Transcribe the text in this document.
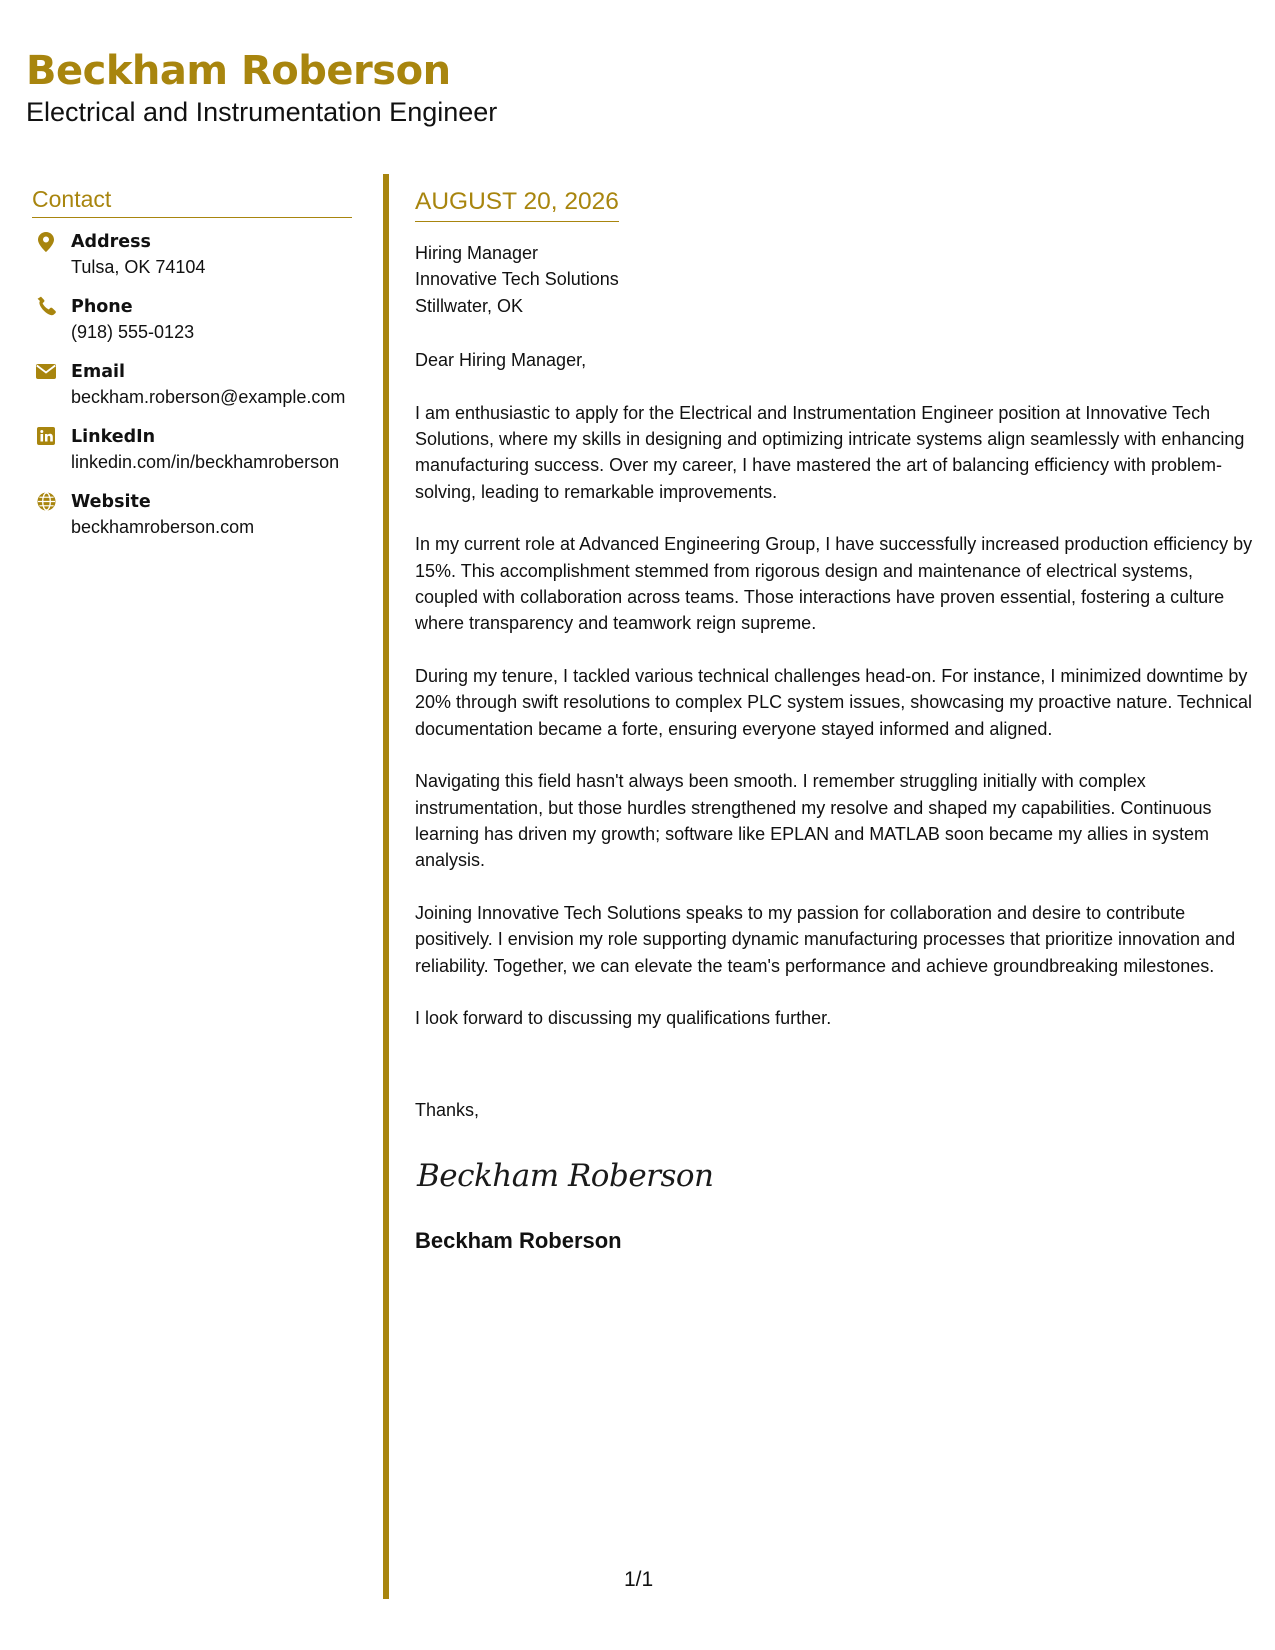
Beckham Roberson
Electrical and Instrumentation Engineer
Contact
Address
Tulsa, OK 74104
Phone
(918) 555-0123
Email
beckham.roberson@example.com
LinkedIn
linkedin.com/in/beckhamroberson
Website
beckhamroberson.com
AUGUST 20, 2026
Hiring Manager
Innovative Tech Solutions
Stillwater, OK

Dear Hiring Manager,

I am enthusiastic to apply for the Electrical and Instrumentation Engineer position at Innovative Tech Solutions, where my skills in designing and optimizing intricate systems align seamlessly with enhancing manufacturing success. Over my career, I have mastered the art of balancing efficiency with problem-solving, leading to remarkable improvements.

In my current role at Advanced Engineering Group, I have successfully increased production efficiency by 15%. This accomplishment stemmed from rigorous design and maintenance of electrical systems, coupled with collaboration across teams. Those interactions have proven essential, fostering a culture where transparency and teamwork reign supreme.

During my tenure, I tackled various technical challenges head-on. For instance, I minimized downtime by 20% through swift resolutions to complex PLC system issues, showcasing my proactive nature. Technical documentation became a forte, ensuring everyone stayed informed and aligned.

Navigating this field hasn't always been smooth. I remember struggling initially with complex instrumentation, but those hurdles strengthened my resolve and shaped my capabilities. Continuous learning has driven my growth; software like EPLAN and MATLAB soon became my allies in system analysis.

Joining Innovative Tech Solutions speaks to my passion for collaboration and desire to contribute positively. I envision my role supporting dynamic manufacturing processes that prioritize innovation and reliability. Together, we can elevate the team's performance and achieve groundbreaking milestones.

I look forward to discussing my qualifications further.

Thanks,
Beckham Roberson
Beckham Roberson
1/1
